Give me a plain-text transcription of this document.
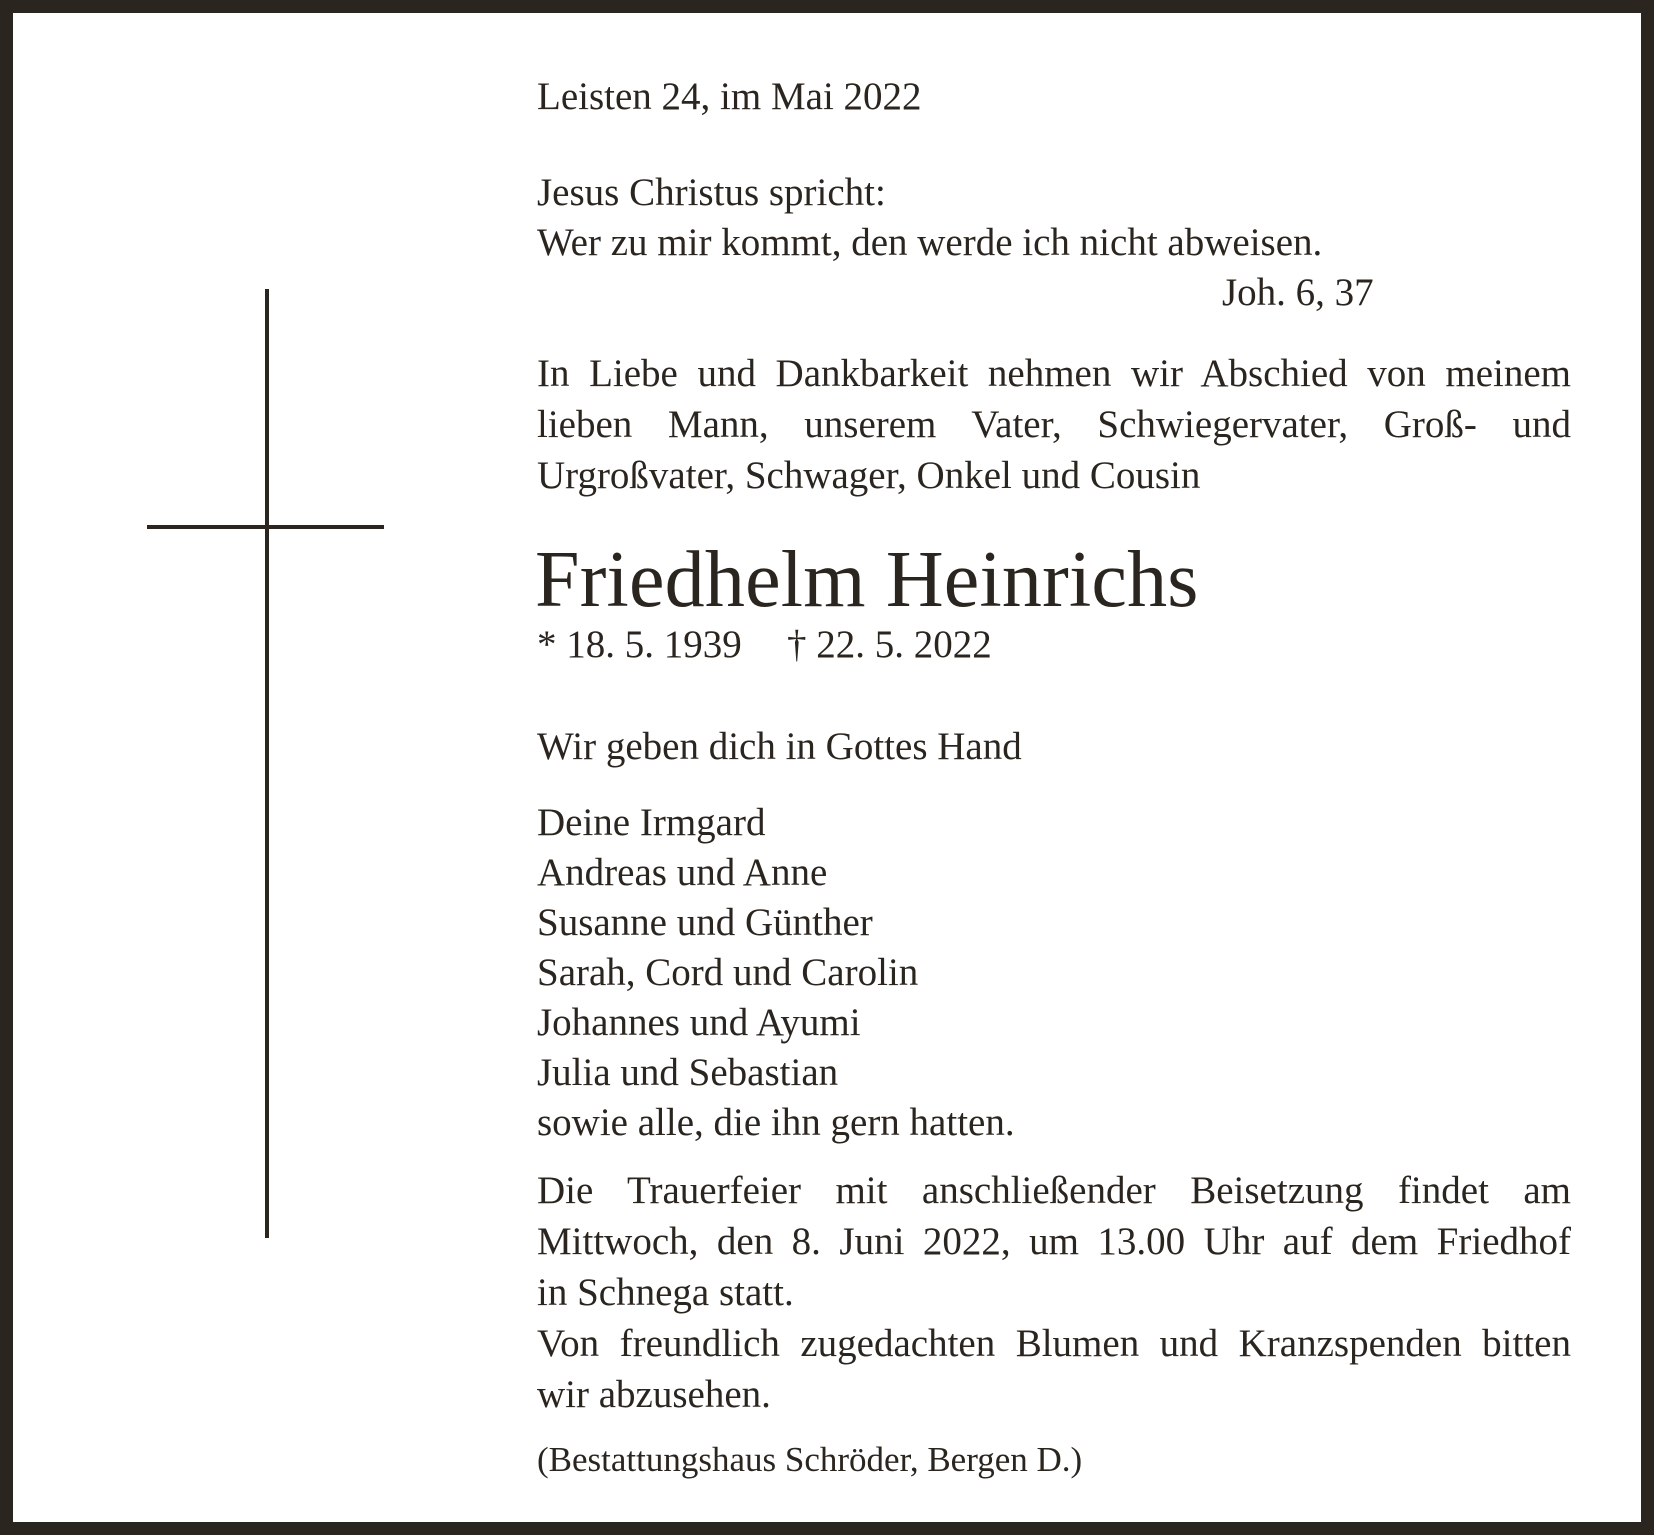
Leisten 24, im Mai 2022

Jesus Christus spricht:

Wer zu mir kommt, den werde ich nicht abweisen.

Joh. 6, 37

In Liebe und Dankbarkeit nehmen wir Abschied von meinem
lieben Mann, unserem Vater, Schwiegervater, Groß- und
Urgroßvater, Schwager, Onkel und Cousin
Friedhelm Heinrichs

* 18. 5. 1939 † 22. 5. 2022

Wir geben dich in Gottes Hand

Deine Irmgard
Andreas und Anne
Susanne und Günther
Sarah, Cord und Carolin
Johannes und Ayumi
Julia und Sebastian
sowie alle, die ihn gern hatten.
Die Trauerfeier mit anschließender Beisetzung findet am
Mittwoch, den 8. Juni 2022, um 13.00 Uhr auf dem Friedhof
in Schnega statt.
Von freundlich zugedachten Blumen und Kranzspenden bitten
wir abzusehen.

(Bestattungshaus Schröder, Bergen D.)
